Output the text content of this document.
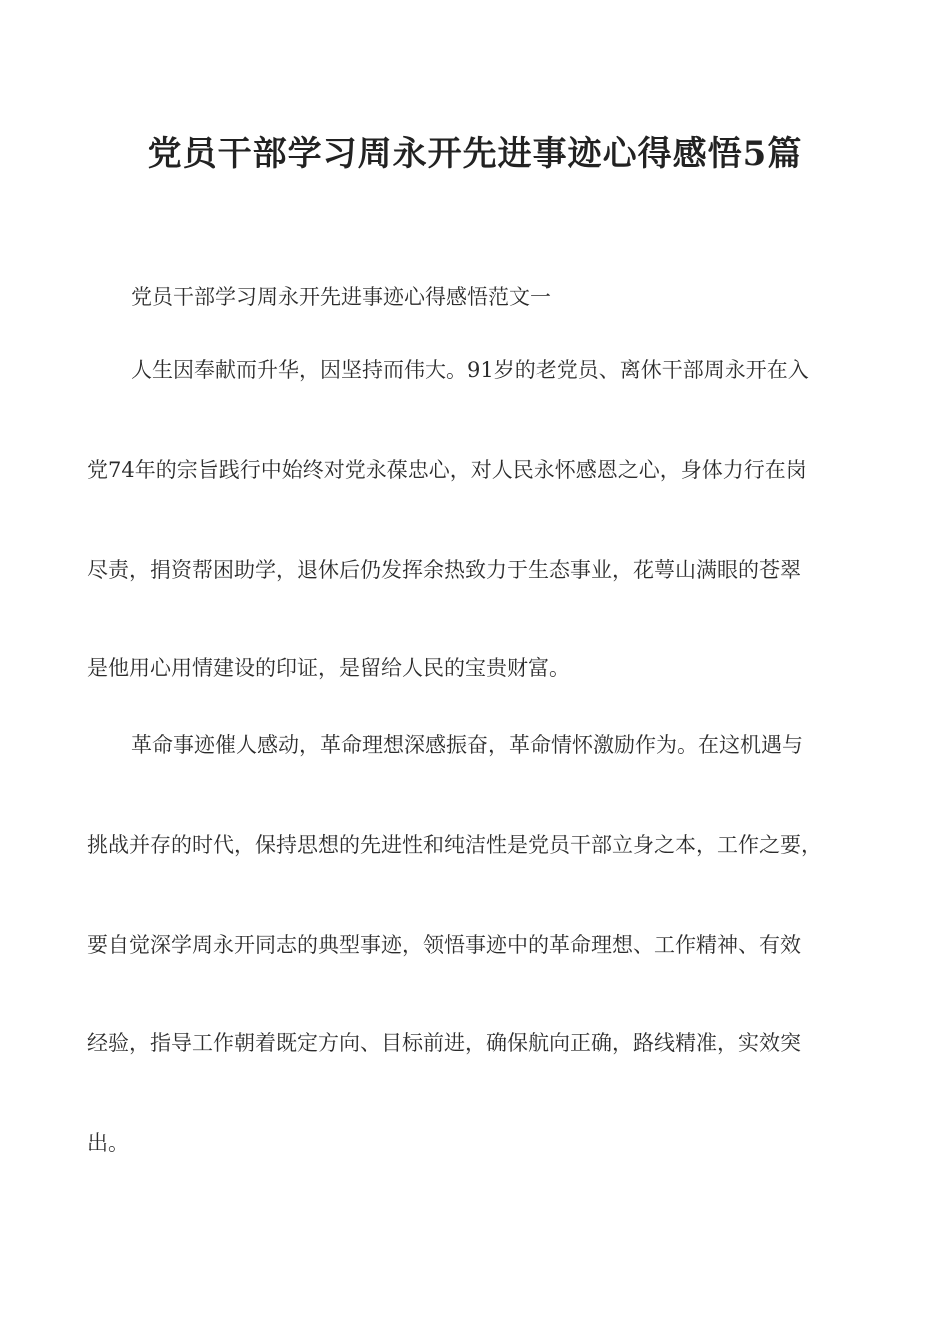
党员干部学习周永开先进事迹心得感悟5篇
党员干部学习周永开先进事迹心得感悟范文一
人生因奉献而升华，因坚持而伟大。91岁的老党员、离休干部周永开在入
党74年的宗旨践行中始终对党永葆忠心，对人民永怀感恩之心，身体力行在岗
尽责，捐资帮困助学，退休后仍发挥余热致力于生态事业，花萼山满眼的苍翠
是他用心用情建设的印证，是留给人民的宝贵财富。
革命事迹催人感动，革命理想深感振奋，革命情怀激励作为。在这机遇与
挑战并存的时代，保持思想的先进性和纯洁性是党员干部立身之本，工作之要，
要自觉深学周永开同志的典型事迹，领悟事迹中的革命理想、工作精神、有效
经验，指导工作朝着既定方向、目标前进，确保航向正确，路线精准，实效突
出。
